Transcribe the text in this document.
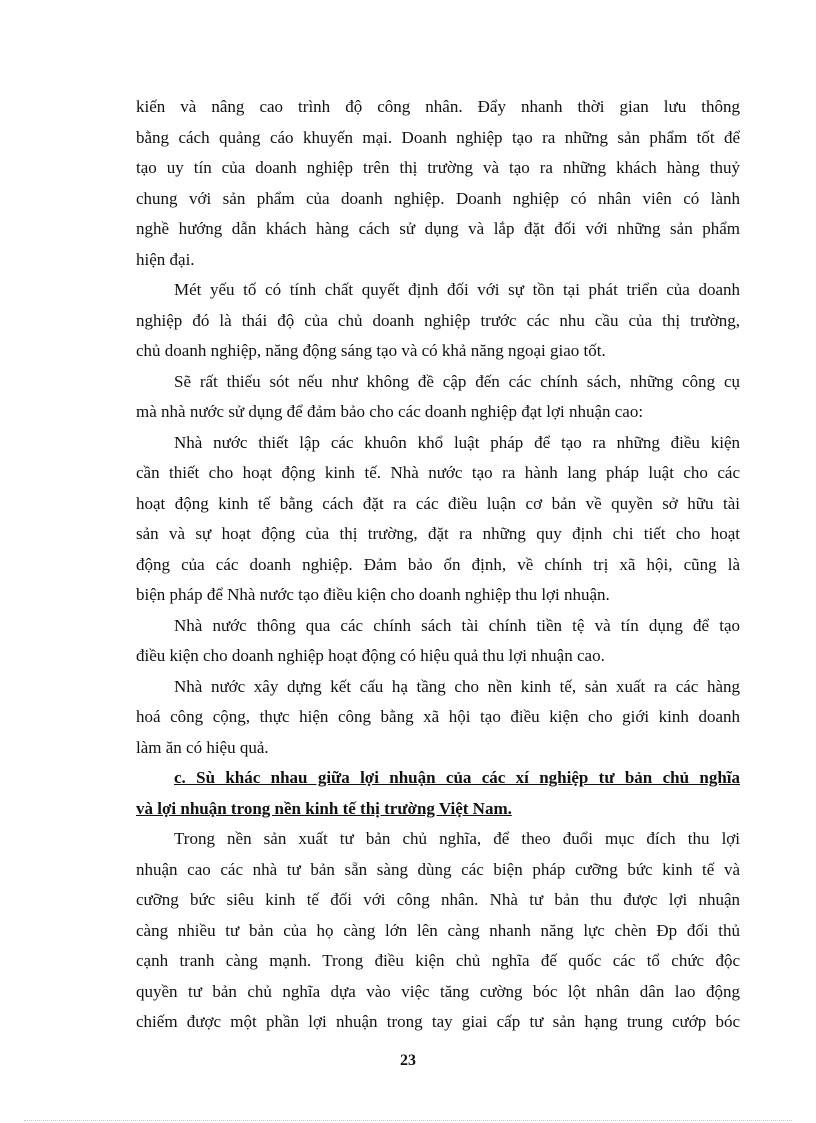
kiến và nâng cao trình độ công nhân. Đẩy nhanh thời gian lưu thông
bằng cách quảng cáo khuyến mại. Doanh nghiệp tạo ra những sản phẩm tốt để
tạo uy tín của doanh nghiệp trên thị trường và tạo ra những khách hàng thuỷ
chung với sản phẩm của doanh nghiệp. Doanh nghiệp có nhân viên có lành
nghề hướng dẫn khách hàng cách sử dụng và lắp đặt đối với những sản phẩm
hiện đại.
Mét yếu tố có tính chất quyết định đối với sự tồn tại phát triển của doanh
nghiệp đó là thái độ của chủ doanh nghiệp trước các nhu cầu của thị trường,
chủ doanh nghiệp, năng động sáng tạo và có khả năng ngoại giao tốt.
Sẽ rất thiếu sót nếu như không đề cập đến các chính sách, những công cụ
mà nhà nước sử dụng để đảm bảo cho các doanh nghiệp đạt lợi nhuận cao:
Nhà nước thiết lập các khuôn khổ luật pháp để tạo ra những điều kiện
cần thiết cho hoạt động kinh tế. Nhà nước tạo ra hành lang pháp luật cho các
hoạt động kinh tế bằng cách đặt ra các điều luận cơ bản về quyền sở hữu tài
sản và sự hoạt động của thị trường, đặt ra những quy định chi tiết cho hoạt
động của các doanh nghiệp. Đảm bảo ổn định, về chính trị xã hội, cũng là
biện pháp để Nhà nước tạo điều kiện cho doanh nghiệp thu lợi nhuận.
Nhà nước thông qua các chính sách tài chính tiền tệ và tín dụng để tạo
điều kiện cho doanh nghiệp hoạt động có hiệu quả thu lợi nhuận cao.
Nhà nước xây dựng kết cấu hạ tầng cho nền kinh tế, sản xuất ra các hàng
hoá công cộng, thực hiện công bằng xã hội tạo điều kiện cho giới kinh doanh
làm ăn có hiệu quả.
c. Sù khác nhau giữa lợi nhuận của các xí nghiệp tư bản chủ nghĩa
và lợi nhuận trong nền kinh tế thị trường Việt Nam.
Trong nền sản xuất tư bản chủ nghĩa, để theo đuổi mục đích thu lợi
nhuận cao các nhà tư bản sẵn sàng dùng các biện pháp cưỡng bức kinh tế và
cưỡng bức siêu kinh tế đối với công nhân. Nhà tư bản thu được lợi nhuận
càng nhiều tư bản của họ càng lớn lên càng nhanh năng lực chèn Đp đối thủ
cạnh tranh càng mạnh. Trong điều kiện chủ nghĩa đế quốc các tổ chức độc
quyền tư bản chủ nghĩa dựa vào việc tăng cường bóc lột nhân dân lao động
chiếm được một phần lợi nhuận trong tay giai cấp tư sản hạng trung cướp bóc
23
